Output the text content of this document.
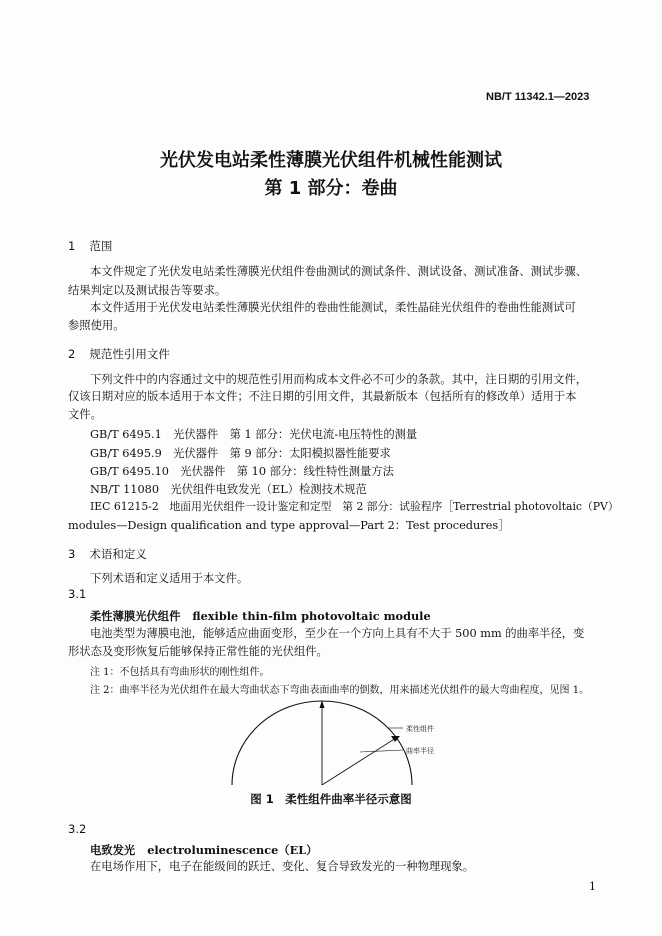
NB/T 11342.1—2023
光伏发电站柔性薄膜光伏组件机械性能测试
第 1 部分：卷曲
1 范围
本文件规定了光伏发电站柔性薄膜光伏组件卷曲测试的测试条件、测试设备、测试准备、测试步骤、
结果判定以及测试报告等要求。
本文件适用于光伏发电站柔性薄膜光伏组件的卷曲性能测试，柔性晶硅光伏组件的卷曲性能测试可
参照使用。
2 规范性引用文件
下列文件中的内容通过文中的规范性引用而构成本文件必不可少的条款。其中，注日期的引用文件，
仅该日期对应的版本适用于本文件；不注日期的引用文件，其最新版本（包括所有的修改单）适用于本
文件。
GB/T 6495.1　光伏器件　第 1 部分：光伏电流-电压特性的测量
GB/T 6495.9　光伏器件　第 9 部分：太阳模拟器性能要求
GB/T 6495.10　光伏器件　第 10 部分：线性特性测量方法
NB/T 11080　光伏组件电致发光（EL）检测技术规范
IEC 61215-2　地面用光伏组件一设计鉴定和定型　第 2 部分：试验程序［Terrestrial photovoltaic（PV）
modules—Design qualification and type approval—Part 2：Test procedures］
3 术语和定义
下列术语和定义适用于本文件。
3.1
柔性薄膜光伏组件 flexible thin-film photovoltaic module
电池类型为薄膜电池，能够适应曲面变形，至少在一个方向上具有不大于 500 mm 的曲率半径，变
形状态及变形恢复后能够保持正常性能的光伏组件。
注 1：不包括具有弯曲形状的刚性组件。
注 2：曲率半径为光伏组件在最大弯曲状态下弯曲表面曲率的倒数，用来描述光伏组件的最大弯曲程度，见图 1。
柔性组件
曲率半径
图 1　柔性组件曲率半径示意图
3.2
电致发光 electroluminescence（EL）
在电场作用下，电子在能级间的跃迁、变化、复合导致发光的一种物理现象。
1
